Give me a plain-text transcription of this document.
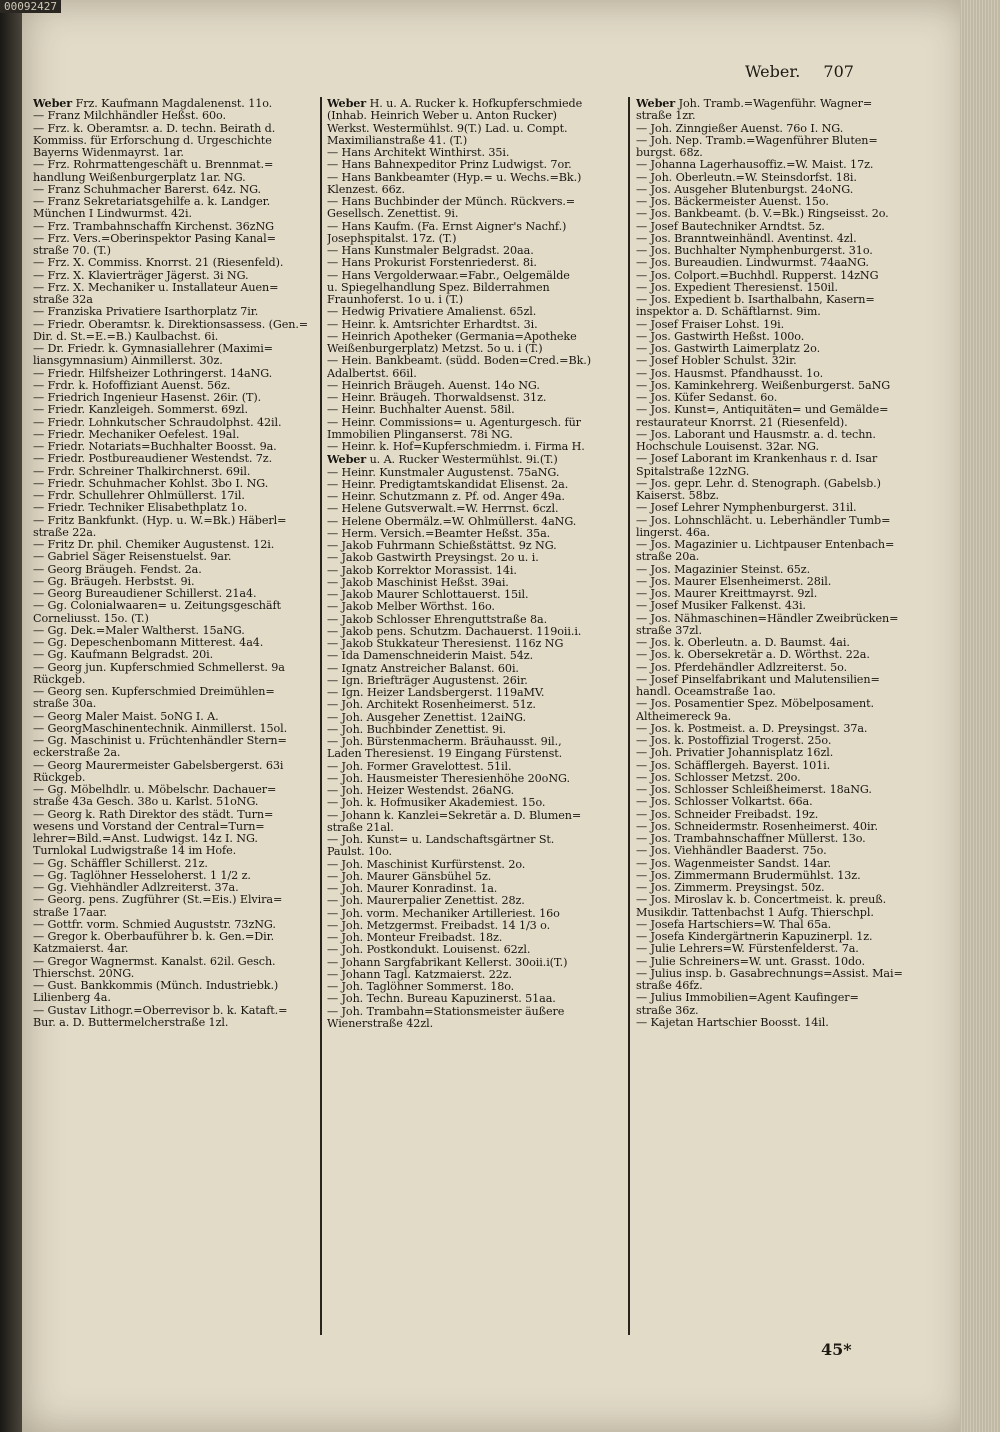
00092427
Weber. 707
Weber Frz. Kaufmann Magdalenenst. 11o.
— Franz Milchhändler Heßst. 60o.
— Frz. k. Oberamtsr. a. D. techn. Beirath d.
Kommiss. für Erforschung d. Urgeschichte
Bayerns Widenmayrst. 1ar.
— Frz. Rohrmattengeschäft u. Brennmat.=
handlung Weißenburgerplatz 1ar. NG.
— Franz Schuhmacher Barerst. 64z. NG.
— Franz Sekretariatsgehilfe a. k. Landger.
München I Lindwurmst. 42i.
— Frz. Trambahnschaffn Kirchenst. 36zNG
— Frz. Vers.=Oberinspektor Pasing Kanal=
straße 70. (T.)
— Frz. X. Commiss. Knorrst. 21 (Riesenfeld).
— Frz. X. Klavierträger Jägerst. 3i NG.
— Frz. X. Mechaniker u. Installateur Auen=
straße 32a
— Franziska Privatiere Isarthorplatz 7ir.
— Friedr. Oberamtsr. k. Direktionsassess. (Gen.=
Dir. d. St.=E.=B.) Kaulbachst. 6i.
— Dr. Friedr. k. Gymnasiallehrer (Maximi=
liansgymnasium) Ainmillerst. 30z.
— Friedr. Hilfsheizer Lothringerst. 14aNG.
— Frdr. k. Hofoffiziant Auenst. 56z.
— Friedrich Ingenieur Hasenst. 26ir. (T).
— Friedr. Kanzleigeh. Sommerst. 69zl.
— Friedr. Lohnkutscher Schraudolphst. 42il.
— Friedr. Mechaniker Oefelest. 19al.
— Friedr. Notariats=Buchhalter Boosst. 9a.
— Friedr. Postbureaudiener Westendst. 7z.
— Frdr. Schreiner Thalkirchnerst. 69il.
— Friedr. Schuhmacher Kohlst. 3bo I. NG.
— Frdr. Schullehrer Ohlmüllerst. 17il.
— Friedr. Techniker Elisabethplatz 1o.
— Fritz Bankfunkt. (Hyp. u. W.=Bk.) Häberl=
straße 22a.
— Fritz Dr. phil. Chemiker Augustenst. 12i.
— Gabriel Säger Reisenstuelst. 9ar.
— Georg Bräugeh. Fendst. 2a.
— Gg. Bräugeh. Herbstst. 9i.
— Georg Bureaudiener Schillerst. 21a4.
— Gg. Colonialwaaren= u. Zeitungsgeschäft
Corneliusst. 15o. (T.)
— Gg. Dek.=Maler Waltherst. 15aNG.
— Gg. Depeschenbomann Mitterest. 4a4.
— Gg. Kaufmann Belgradst. 20i.
— Georg jun. Kupferschmied Schmellerst. 9a
Rückgeb.
— Georg sen. Kupferschmied Dreimühlen=
straße 30a.
— Georg Maler Maist. 5oNG I. A.
— GeorgMaschinentechnik. Ainmillerst. 15ol.
— Gg. Maschinist u. Früchtenhändler Stern=
eckerstraße 2a.
— Georg Maurermeister Gabelsbergerst. 63i
Rückgeb.
— Gg. Möbelhdlr. u. Möbelschr. Dachauer=
straße 43a Gesch. 38o u. Karlst. 51oNG.
— Georg k. Rath Direktor des städt. Turn=
wesens und Vorstand der Central=Turn=
lehrer=Bild.=Anst. Ludwigst. 14z I. NG.
Turnlokal Ludwigstraße 14 im Hofe.
— Gg. Schäffler Schillerst. 21z.
— Gg. Taglöhner Hesseloherst. 1 1/2 z.
— Gg. Viehhändler Adlzreiterst. 37a.
— Georg. pens. Zugführer (St.=Eis.) Elvira=
straße 17aar.
— Gottfr. vorm. Schmied Auguststr. 73zNG.
— Gregor k. Oberbauführer b. k. Gen.=Dir.
Katzmaierst. 4ar.
— Gregor Wagnermst. Kanalst. 62il. Gesch.
Thierschst. 20NG.
— Gust. Bankkommis (Münch. Industriebk.)
Lilienberg 4a.
— Gustav Lithogr.=Oberrevisor b. k. Kataft.=
Bur. a. D. Buttermelcherstraße 1zl.
Weber H. u. A. Rucker k. Hofkupferschmiede
(Inhab. Heinrich Weber u. Anton Rucker)
Werkst. Westermühlst. 9(T.) Lad. u. Compt.
Maximilianstraße 41. (T.)
— Hans Architekt Winthirst. 35i.
— Hans Bahnexpeditor Prinz Ludwigst. 7or.
— Hans Bankbeamter (Hyp.= u. Wechs.=Bk.)
Klenzest. 66z.
— Hans Buchbinder der Münch. Rückvers.=
Gesellsch. Zenettist. 9i.
— Hans Kaufm. (Fa. Ernst Aigner's Nachf.)
Josephspitalst. 17z. (T.)
— Hans Kunstmaler Belgradst. 20aa.
— Hans Prokurist Forstenriederst. 8i.
— Hans Vergolderwaar.=Fabr., Oelgemälde
u. Spiegelhandlung Spez. Bilderrahmen
Fraunhoferst. 1o u. i (T.)
— Hedwig Privatiere Amalienst. 65zl.
— Heinr. k. Amtsrichter Erhardtst. 3i.
— Heinrich Apotheker (Germania=Apotheke
Weißenburgerplatz) Metzst. 5o u. i (T.)
— Hein. Bankbeamt. (südd. Boden=Cred.=Bk.)
Adalbertst. 66il.
— Heinrich Bräugeh. Auenst. 14o NG.
— Heinr. Bräugeh. Thorwaldsenst. 31z.
— Heinr. Buchhalter Auenst. 58il.
— Heinr. Commissions= u. Agenturgesch. für
Immobilien Plinganserst. 78i NG.
— Heinr. k. Hof=Kupferschmiedm. i. Firma H.
Weber u. A. Rucker Westermühlst. 9i.(T.)
— Heinr. Kunstmaler Augustenst. 75aNG.
— Heinr. Predigtamtskandidat Elisenst. 2a.
— Heinr. Schutzmann z. Pf. od. Anger 49a.
— Helene Gutsverwalt.=W. Herrnst. 6czl.
— Helene Obermälz.=W. Ohlmüllerst. 4aNG.
— Herm. Versich.=Beamter Heßst. 35a.
— Jakob Fuhrmann Schießstättst. 9z NG.
— Jakob Gastwirth Preysingst. 2o u. i.
— Jakob Korrektor Morassist. 14i.
— Jakob Maschinist Heßst. 39ai.
— Jakob Maurer Schlottauerst. 15il.
— Jakob Melber Wörthst. 16o.
— Jakob Schlosser Ehrenguttstraße 8a.
— Jakob pens. Schutzm. Dachauerst. 119oii.i.
— Jakob Stukkateur Theresienst. 116z NG
— Ida Damenschneiderin Maist. 54z.
— Ignatz Anstreicher Balanst. 60i.
— Ign. Briefträger Augustenst. 26ir.
— Ign. Heizer Landsbergerst. 119aMV.
— Joh. Architekt Rosenheimerst. 51z.
— Joh. Ausgeher Zenettist. 12aiNG.
— Joh. Buchbinder Zenettist. 9i.
— Joh. Bürstenmacherm. Bräuhausst. 9il.,
Laden Theresienst. 19 Eingang Fürstenst.
— Joh. Former Gravelottest. 51il.
— Joh. Hausmeister Theresienhöhe 20oNG.
— Joh. Heizer Westendst. 26aNG.
— Joh. k. Hofmusiker Akademiest. 15o.
— Johann k. Kanzlei=Sekretär a. D. Blumen=
straße 21al.
— Joh. Kunst= u. Landschaftsgärtner St.
Paulst. 10o.
— Joh. Maschinist Kurfürstenst. 2o.
— Joh. Maurer Gänsbühel 5z.
— Joh. Maurer Konradinst. 1a.
— Joh. Maurerpalier Zenettist. 28z.
— Joh. vorm. Mechaniker Artilleriest. 16o
— Joh. Metzgermst. Freibadst. 14 1/3 o.
— Joh. Monteur Freibadst. 18z.
— Joh. Postkondukt. Louisenst. 62zl.
— Johann Sargfabrikant Kellerst. 30oii.i(T.)
— Johann Tagl. Katzmaierst. 22z.
— Joh. Taglöhner Sommerst. 18o.
— Joh. Techn. Bureau Kapuzinerst. 51aa.
— Joh. Trambahn=Stationsmeister äußere
Wienerstraße 42zl.
Weber Joh. Tramb.=Wagenführ. Wagner=
straße 1zr.
— Joh. Zinngießer Auenst. 76o I. NG.
— Joh. Nep. Tramb.=Wagenführer Bluten=
burgst. 68z.
— Johanna Lagerhausoffiz.=W. Maist. 17z.
— Joh. Oberleutn.=W. Steinsdorfst. 18i.
— Jos. Ausgeher Blutenburgst. 24oNG.
— Jos. Bäckermeister Auenst. 15o.
— Jos. Bankbeamt. (b. V.=Bk.) Ringseisst. 2o.
— Josef Bautechniker Arndtst. 5z.
— Jos. Branntweinhändl. Aventinst. 4zl.
— Jos. Buchhalter Nymphenburgerst. 31o.
— Jos. Bureaudien. Lindwurmst. 74aaNG.
— Jos. Colport.=Buchhdl. Rupperst. 14zNG
— Jos. Expedient Theresienst. 150il.
— Jos. Expedient b. Isarthalbahn, Kasern=
inspektor a. D. Schäftlarnst. 9im.
— Josef Fraiser Lohst. 19i.
— Jos. Gastwirth Heßst. 100o.
— Jos. Gastwirth Laimerplatz 2o.
— Josef Hobler Schulst. 32ir.
— Jos. Hausmst. Pfandhausst. 1o.
— Jos. Kaminkehrerg. Weißenburgerst. 5aNG
— Jos. Küfer Sedanst. 6o.
— Jos. Kunst=, Antiquitäten= und Gemälde=
restaurateur Knorrst. 21 (Riesenfeld).
— Jos. Laborant und Hausmstr. a. d. techn.
Hochschule Louisenst. 32ar. NG.
— Josef Laborant im Krankenhaus r. d. Isar
Spitalstraße 12zNG.
— Jos. gepr. Lehr. d. Stenograph. (Gabelsb.)
Kaiserst. 58bz.
— Josef Lehrer Nymphenburgerst. 31il.
— Jos. Lohnschlächt. u. Leberhändler Tumb=
lingerst. 46a.
— Jos. Magazinier u. Lichtpauser Entenbach=
straße 20a.
— Jos. Magazinier Steinst. 65z.
— Jos. Maurer Elsenheimerst. 28il.
— Jos. Maurer Kreittmayrst. 9zl.
— Josef Musiker Falkenst. 43i.
— Jos. Nähmaschinen=Händler Zweibrücken=
straße 37zl.
— Jos. k. Oberleutn. a. D. Baumst. 4ai.
— Jos. k. Obersekretär a. D. Wörthst. 22a.
— Jos. Pferdehändler Adlzreiterst. 5o.
— Josef Pinselfabrikant und Malutensilien=
handl. Oceamstraße 1ao.
— Jos. Posamentier Spez. Möbelposament.
Altheimereck 9a.
— Jos. k. Postmeist. a. D. Preysingst. 37a.
— Jos. k. Postoffizial Trogerst. 25o.
— Joh. Privatier Johannisplatz 16zl.
— Jos. Schäfflergeh. Bayerst. 101i.
— Jos. Schlosser Metzst. 20o.
— Jos. Schlosser Schleißheimerst. 18aNG.
— Jos. Schlosser Volkartst. 66a.
— Jos. Schneider Freibadst. 19z.
— Jos. Schneidermstr. Rosenheimerst. 40ir.
— Jos. Trambahnschaffner Müllerst. 13o.
— Jos. Viehhändler Baaderst. 75o.
— Jos. Wagenmeister Sandst. 14ar.
— Jos. Zimmermann Brudermühlst. 13z.
— Jos. Zimmerm. Preysingst. 50z.
— Jos. Miroslav k. b. Concertmeist. k. preuß.
Musikdir. Tattenbachst 1 Aufg. Thierschpl.
— Josefa Hartschiers=W. Thal 65a.
— Josefa Kindergärtnerin Kapuzinerpl. 1z.
— Julie Lehrers=W. Fürstenfelderst. 7a.
— Julie Schreiners=W. unt. Grasst. 10do.
— Julius insp. b. Gasabrechnungs=Assist. Mai=
straße 46fz.
— Julius Immobilien=Agent Kaufinger=
straße 36z.
— Kajetan Hartschier Boosst. 14il.
45*
